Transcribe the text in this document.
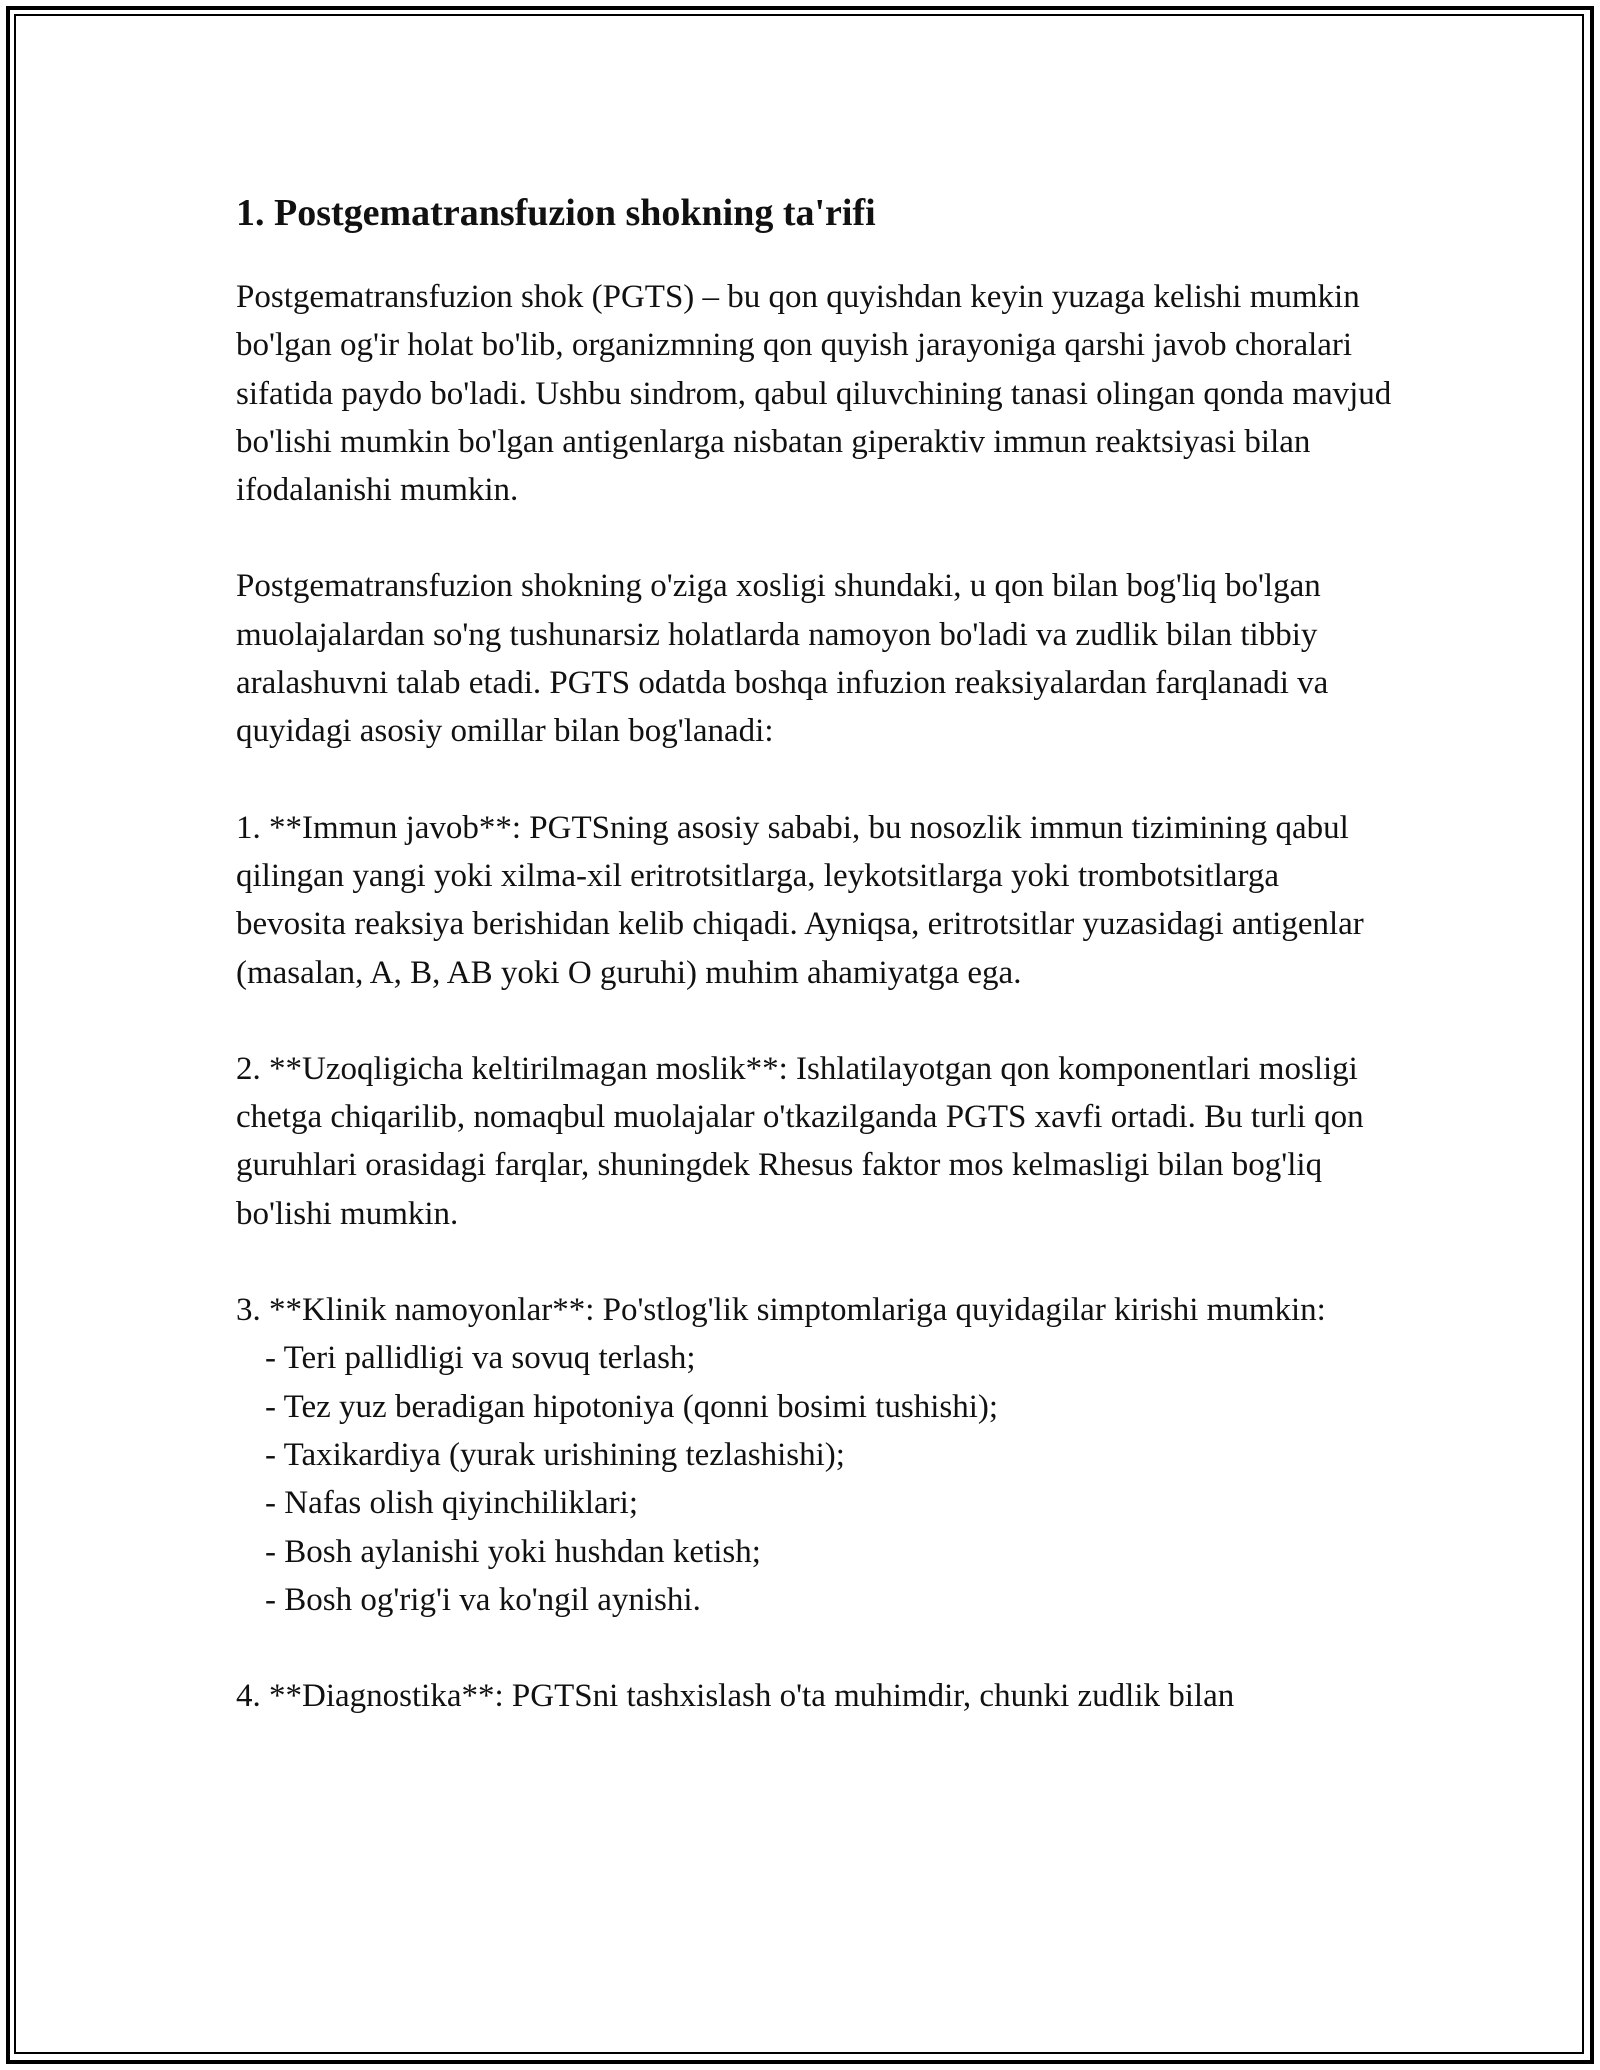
1. Postgematransfuzion shokning ta'rifi

Postgematransfuzion shok (PGTS) – bu qon quyishdan keyin yuzaga kelishi mumkin bo'lgan og'ir holat bo'lib, organizmning qon quyish jarayoniga qarshi javob choralari sifatida paydo bo'ladi. Ushbu sindrom, qabul qiluvchining tanasi olingan qonda mavjud bo'lishi mumkin bo'lgan antigenlarga nisbatan giperaktiv immun reaktsiyasi bilan ifodalanishi mumkin.

Postgematransfuzion shokning o'ziga xosligi shundaki, u qon bilan bog'liq bo'lgan muolajalardan so'ng tushunarsiz holatlarda namoyon bo'ladi va zudlik bilan tibbiy aralashuvni talab etadi. PGTS odatda boshqa infuzion reaksiyalardan farqlanadi va quyidagi asosiy omillar bilan bog'lanadi:

1. **Immun javob**: PGTSning asosiy sababi, bu nosozlik immun tizimining qabul qilingan yangi yoki xilma-xil eritrotsitlarga, leykotsitlarga yoki trombotsitlarga bevosita reaksiya berishidan kelib chiqadi. Ayniqsa, eritrotsitlar yuzasidagi antigenlar (masalan, A, B, AB yoki O guruhi) muhim ahamiyatga ega.

2. **Uzoqligicha keltirilmagan moslik**: Ishlatilayotgan qon komponentlari mosligi chetga chiqarilib, nomaqbul muolajalar o'tkazilganda PGTS xavfi ortadi. Bu turli qon guruhlari orasidagi farqlar, shuningdek Rhesus faktor mos kelmasligi bilan bog'liq bo'lishi mumkin.

3. **Klinik namoyonlar**: Po'stlog'lik simptomlariga quyidagilar kirishi mumkin:
- Teri pallidligi va sovuq terlash;
- Tez yuz beradigan hipotoniya (qonni bosimi tushishi);
- Taxikardiya (yurak urishining tezlashishi);
- Nafas olish qiyinchiliklari;
- Bosh aylanishi yoki hushdan ketish;
- Bosh og'rig'i va ko'ngil aynishi.

4. **Diagnostika**: PGTSni tashxislash o'ta muhimdir, chunki zudlik bilan
